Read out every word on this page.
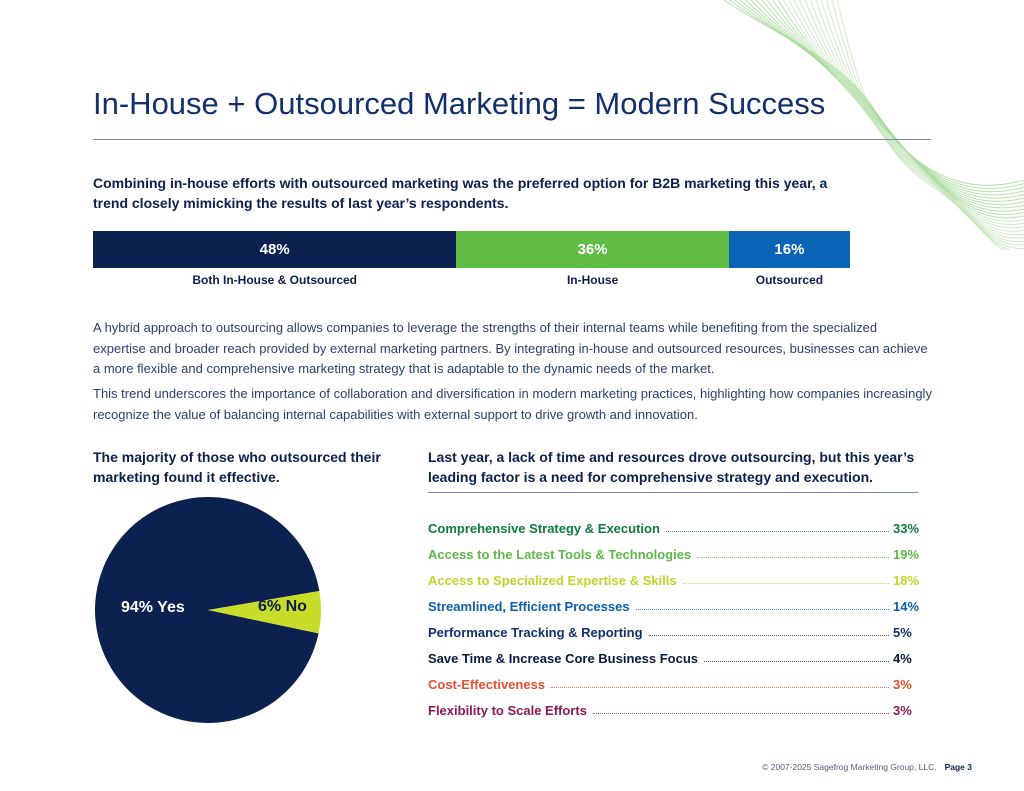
In-House + Outsourced Marketing = Modern Success
Combining in-house efforts with outsourced marketing was the preferred option for B2B marketing this year, a trend closely mimicking the results of last year’s respondents.
48%	36%	16%
Both In-House & Outsourced	In-House	Outsourced
A hybrid approach to outsourcing allows companies to leverage the strengths of their internal teams while benefiting from the specialized expertise and broader reach provided by external marketing partners. By integrating in-house and outsourced resources, businesses can achieve a more flexible and comprehensive marketing strategy that is adaptable to the dynamic needs of the market.
This trend underscores the importance of collaboration and diversification in modern marketing practices, highlighting how companies increasingly recognize the value of balancing internal capabilities with external support to drive growth and innovation.
The majority of those who outsourced their marketing found it effective.
Last year, a lack of time and resources drove outsourcing, but this year’s leading factor is a need for comprehensive strategy and execution.
94% Yes	6% No
Comprehensive Strategy & Execution	33%
Access to the Latest Tools & Technologies	19%
Access to Specialized Expertise & Skills	18%
Streamlined, Efficient Processes	14%
Performance Tracking & Reporting	5%
Save Time & Increase Core Business Focus	4%
Cost-Effectiveness	3%
Flexibility to Scale Efforts	3%
© 2007-2025 Sagefrog Marketing Group, LLC. Page 3
